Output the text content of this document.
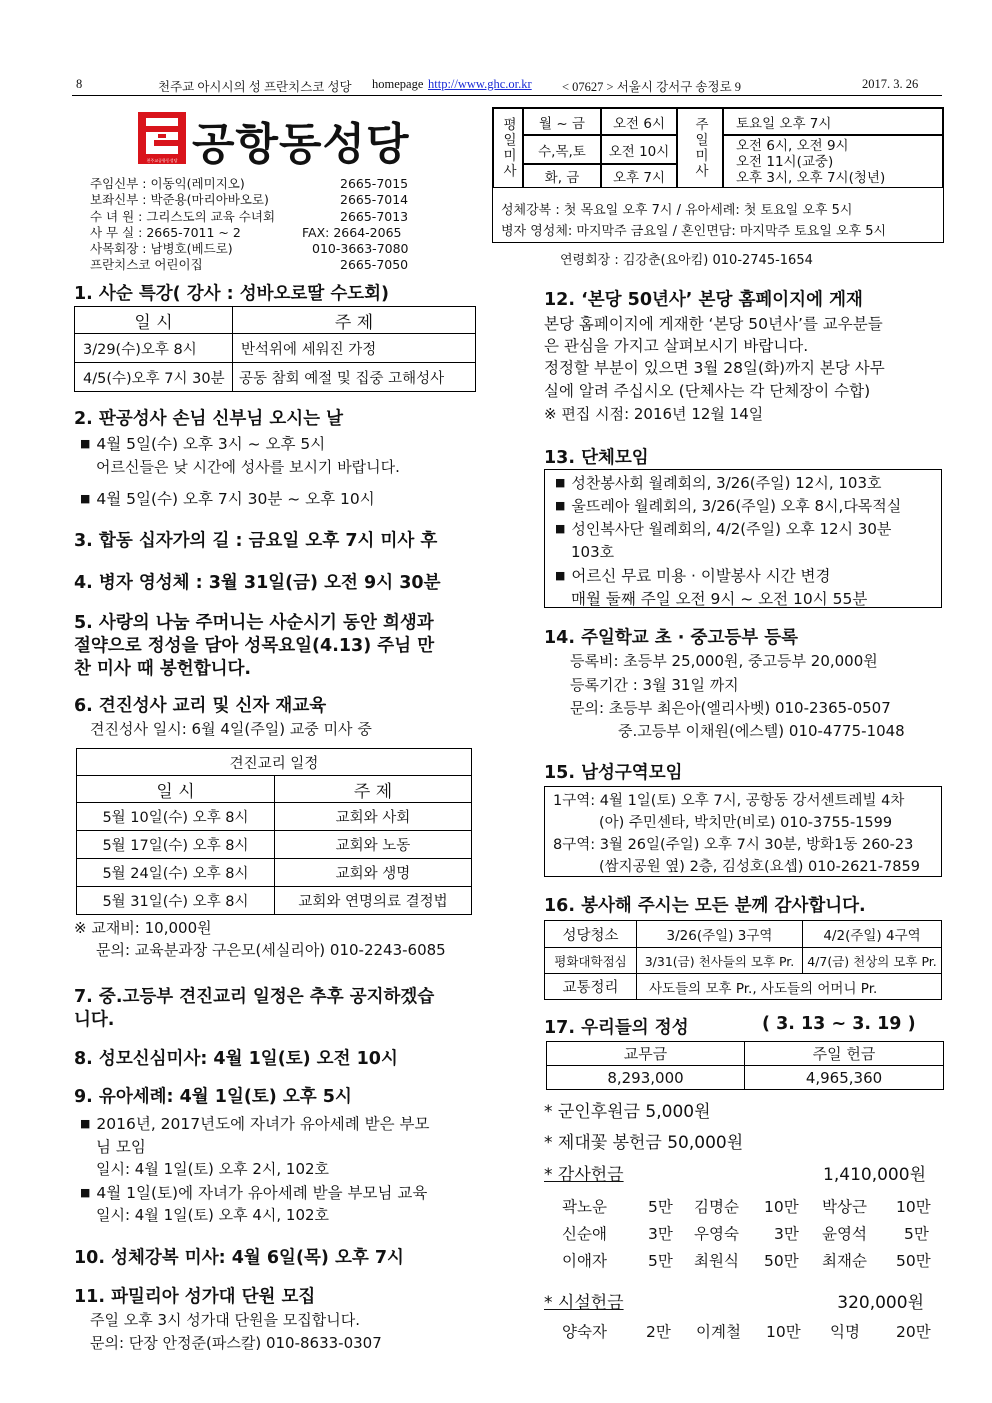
8	천주교 아시시의 성 프란치스코 성당 homepage http://www.ghc.or.kr < 07627 > 서울시 강서구 송정로 9	2017. 3. 26
천주교공항동성당 공항동성당
주임신부 : 이동익(레미지오)	2665-7015
보좌신부 : 박준용(마리아바오로)	2665-7014
수 녀 원 : 그리스도의 교육 수녀회	2665-7013
사 무 실 : 2665-7011 ~ 2	FAX: 2664-2065
사목회장 : 남병호(베드로)	010-3663-7080
프란치스코 어린이집	2665-7050
평일미사	월 ~ 금	오전 6시
수,목,토	오전 10시
화, 금	오후 7시	주일미사	토요일 오후 7시
오전 6시, 오전 9시
오전 11시(교중)
오후 3시, 오후 7시(청년)
성체강복 : 첫 목요일 오후 7시 / 유아세례: 첫 토요일 오후 5시
병자 영성체: 마지막주 금요일 / 혼인면담: 마지막주 토요일 오후 5시
연령회장 : 김강춘(요아킴) 010-2745-1654
1. 사순 특강( 강사 : 성바오로딸 수도회)
일 시	주 제
3/29(수)오후 8시	반석위에 세워진 가정
4/5(수)오후 7시 30분	공동 참회 예절 및 집중 고해성사
2. 판공성사 손님 신부님 오시는 날
■ 4월 5일(수) 오후 3시 ~ 오후 5시
어르신들은 낮 시간에 성사를 보시기 바랍니다.
■ 4월 5일(수) 오후 7시 30분 ~ 오후 10시
3. 합동 십자가의 길 : 금요일 오후 7시 미사 후
4. 병자 영성체 : 3월 31일(금) 오전 9시 30분
5. 사랑의 나눔 주머니는 사순시기 동안 희생과
절약으로 정성을 담아 성목요일(4.13) 주님 만
찬 미사 때 봉헌합니다.
6. 견진성사 교리 및 신자 재교육
견진성사 일시: 6월 4일(주일) 교중 미사 중
견진교리 일정	
일 시	주 제
5월 10일(수) 오후 8시	교회와 사회
5월 17일(수) 오후 8시	교회와 노동
5월 24일(수) 오후 8시	교회와 생명
5월 31일(수) 오후 8시	교회와 연명의료 결정법
※ 교재비: 10,000원
문의: 교육분과장 구은모(세실리아) 010-2243-6085
7. 중.고등부 견진교리 일정은 추후 공지하겠습
니다.
8. 성모신심미사: 4월 1일(토) 오전 10시
9. 유아세례: 4월 1일(토) 오후 5시
■ 2016년, 2017년도에 자녀가 유아세례 받은 부모
님 모임
일시: 4월 1일(토) 오후 2시, 102호
■ 4월 1일(토)에 자녀가 유아세례 받을 부모님 교육
일시: 4월 1일(토) 오후 4시, 102호
10. 성체강복 미사: 4월 6일(목) 오후 7시
11. 파밀리아 성가대 단원 모집
주일 오후 3시 성가대 단원을 모집합니다.
문의: 단장 안정준(파스칼) 010-8633-0307
12. ‘본당 50년사’ 본당 홈페이지에 게재
본당 홈페이지에 게재한 ‘본당 50년사’를 교우분들
은 관심을 가지고 살펴보시기 바랍니다.
정정할 부분이 있으면 3월 28일(화)까지 본당 사무
실에 알려 주십시오 (단체사는 각 단체장이 수합)
※ 편집 시점: 2016년 12월 14일
13. 단체모임
■ 성찬봉사회 월례회의, 3/26(주일) 12시, 103호
■ 울뜨레아 월례회의, 3/26(주일) 오후 8시,다목적실
■ 성인복사단 월례회의, 4/2(주일) 오후 12시 30분
103호
■ 어르신 무료 미용 · 이발봉사 시간 변경
매월 둘째 주일 오전 9시 ~ 오전 10시 55분
14. 주일학교 초 · 중고등부 등록
등록비: 초등부 25,000원, 중고등부 20,000원
등록기간 : 3월 31일 까지
문의: 초등부 최은아(엘리사벳) 010-2365-0507
중.고등부 이채원(에스텔) 010-4775-1048
15. 남성구역모임
1구역: 4월 1일(토) 오후 7시, 공항동 강서센트레빌 4차
(아) 주민센타, 박치만(비로) 010-3755-1599
8구역: 3월 26일(주일) 오후 7시 30분, 방화1동 260-23
(쌈지공원 옆) 2층, 김성호(요셉) 010-2621-7859
16. 봉사해 주시는 모든 분께 감사합니다.
성당청소	3/26(주일) 3구역	4/2(주일) 4구역
평화대학점심	3/31(금) 천사들의 모후 Pr.	4/7(금) 천상의 모후 Pr.
교통정리	사도들의 모후 Pr., 사도들의 어머니 Pr.	
17. 우리들의 정성	( 3. 13 ~ 3. 19 )
교무금	주일 헌금
8,293,000	4,965,360
* 군인후원금 5,000원
* 제대꽃 봉헌금 50,000원
* 감사헌금	1,410,000원
곽노운	5만 김명순 10만 박상근 10만
신순애	3만 우영숙 3만 윤영석 5만
이애자	5만 최원식 50만 최재순 50만
* 시설헌금	320,000원
양숙자	2만 이계철 10만 익명 20만
